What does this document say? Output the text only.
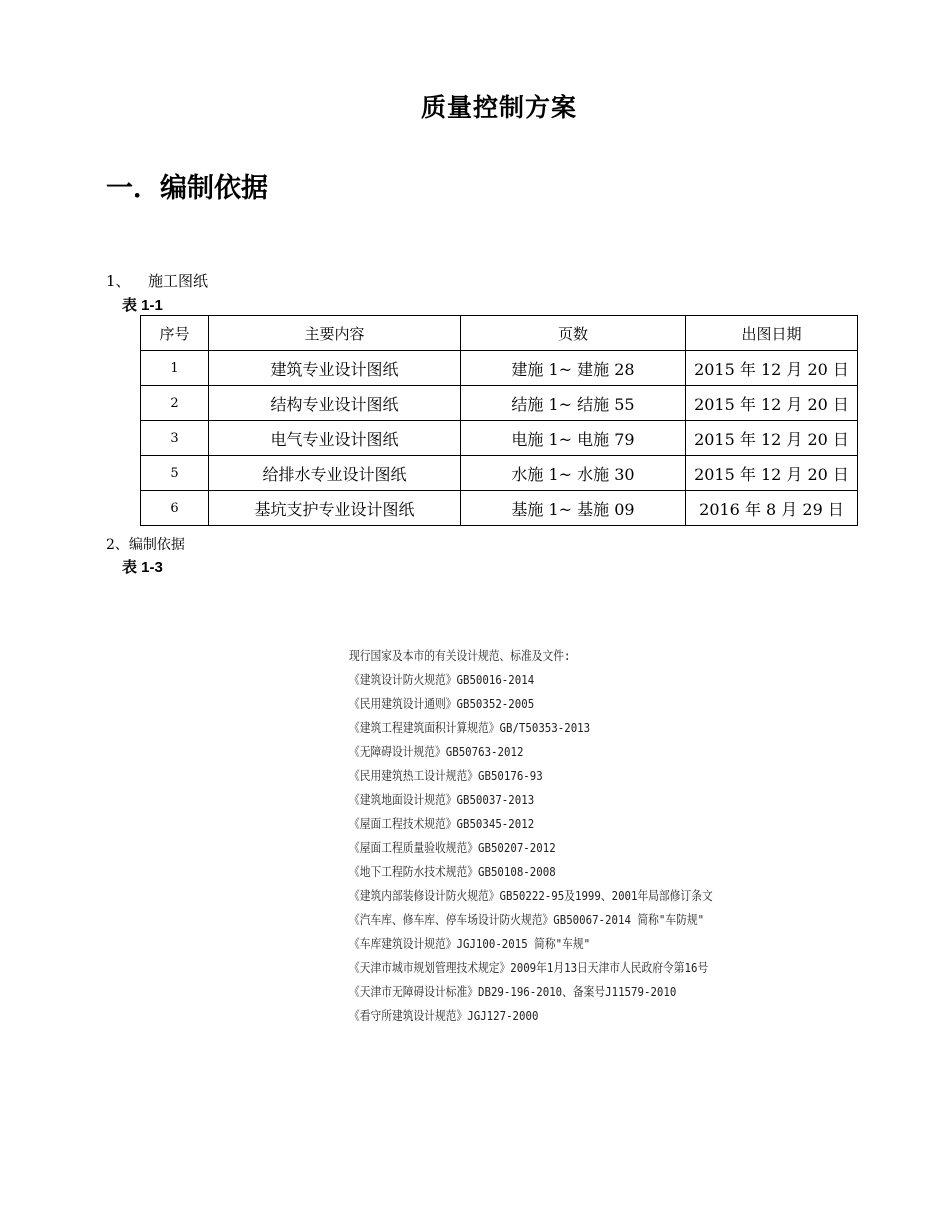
质量控制方案
一．编制依据
1、 施工图纸
表 1-1
序号	主要内容	页数	出图日期
1	建筑专业设计图纸	建施 1~ 建施 28	2015 年 12 月 20 日
2	结构专业设计图纸	结施 1~ 结施 55	2015 年 12 月 20 日
3	电气专业设计图纸	电施 1~ 电施 79	2015 年 12 月 20 日
5	给排水专业设计图纸	水施 1~ 水施 30	2015 年 12 月 20 日
6	基坑支护专业设计图纸	基施 1~ 基施 09	2016 年 8 月 29 日
2、编制依据
表 1-3
现行国家及本市的有关设计规范、标准及文件:
《建筑设计防火规范》GB50016-2014
《民用建筑设计通则》GB50352-2005
《建筑工程建筑面积计算规范》GB/T50353-2013
《无障碍设计规范》GB50763-2012
《民用建筑热工设计规范》GB50176-93
《建筑地面设计规范》GB50037-2013
《屋面工程技术规范》GB50345-2012
《屋面工程质量验收规范》GB50207-2012
《地下工程防水技术规范》GB50108-2008
《建筑内部装修设计防火规范》GB50222-95及1999、2001年局部修订条文
《汽车库、修车库、停车场设计防火规范》GB50067-2014 简称"车防规"
《车库建筑设计规范》JGJ100-2015 简称"车规"
《天津市城市规划管理技术规定》2009年1月13日天津市人民政府令第16号
《天津市无障碍设计标准》DB29-196-2010、备案号J11579-2010
《看守所建筑设计规范》JGJ127-2000
